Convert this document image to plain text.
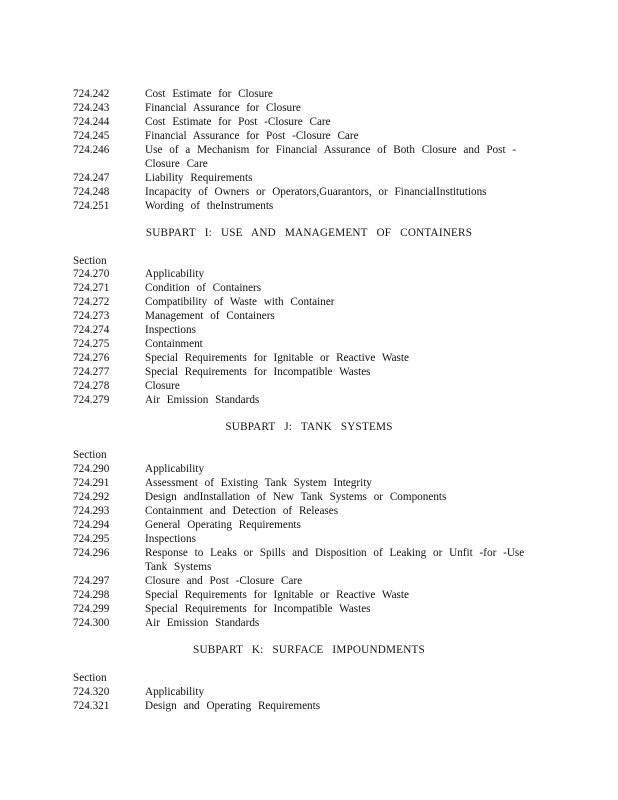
724.242	Cost Estimate for Closure
724.243	Financial Assurance for Closure
724.244	Cost Estimate for Post -Closure Care
724.245	Financial Assurance for Post -Closure Care
724.246	Use of a Mechanism for Financial Assurance of Both Closure and Post -Closure Care
724.247	Liability Requirements
724.248	Incapacity of Owners or Operators,Guarantors, or FinancialInstitutions
724.251	Wording of theInstruments
SUBPART I: USE AND MANAGEMENT OF CONTAINERS
Section
724.270	Applicability
724.271	Condition of Containers
724.272	Compatibility of Waste with Container
724.273	Management of Containers
724.274	Inspections
724.275	Containment
724.276	Special Requirements for Ignitable or Reactive Waste
724.277	Special Requirements for Incompatible Wastes
724.278	Closure
724.279	Air Emission Standards
SUBPART J: TANK SYSTEMS
Section
724.290	Applicability
724.291	Assessment of Existing Tank System Integrity
724.292	Design andInstallation of New Tank Systems or Components
724.293	Containment and Detection of Releases
724.294	General Operating Requirements
724.295	Inspections
724.296	Response to Leaks or Spills and Disposition of Leaking or Unfit -for -Use Tank Systems
724.297	Closure and Post -Closure Care
724.298	Special Requirements for Ignitable or Reactive Waste
724.299	Special Requirements for Incompatible Wastes
724.300	Air Emission Standards
SUBPART K: SURFACE IMPOUNDMENTS
Section
724.320	Applicability
724.321	Design and Operating Requirements
